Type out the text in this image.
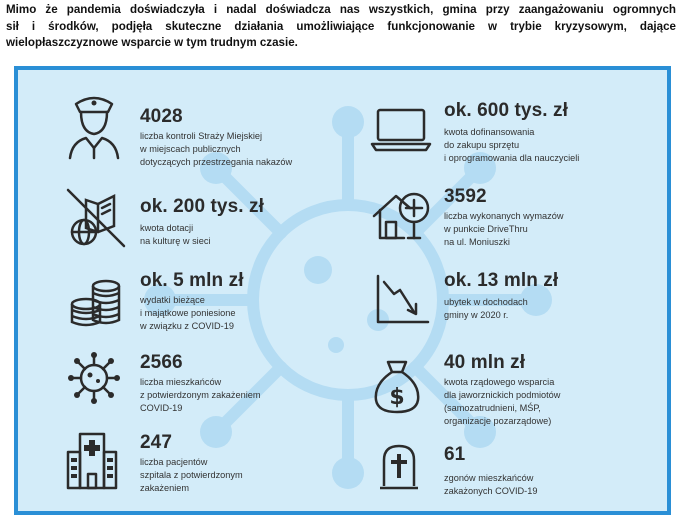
Mimo że pandemia doświadczyła i nadal doświadcza nas wszystkich, gmina przy zaangażowaniu ogromnych
sił i środków, podjęła skuteczne działania umożliwiające funkcjonowanie w trybie kryzysowym, dające
wielopłaszczyznowe wsparcie w tym trudnym czasie.
4028
liczba kontroli Straży Miejskiej
w miejscach publicznych
dotyczących przestrzegania nakazów
ok. 200 tys. zł
kwota dotacji
na kulturę w sieci
ok. 5 mln zł
wydatki bieżące
i majątkowe poniesione
w związku z COVID-19
2566
liczba mieszkańców
z potwierdzonym zakażeniem
COVID-19
247
liczba pacjentów
szpitala z potwierdzonym
zakażeniem
ok. 600 tys. zł
kwota dofinansowania
do zakupu sprzętu
i oprogramowania dla nauczycieli
3592
liczba wykonanych wymazów
w punkcie DriveThru
na ul. Moniuszki
ok. 13 mln zł
ubytek w dochodach
gminy w 2020 r.
$
40 mln zł
kwota rządowego wsparcia
dla jaworznickich podmiotów
(samozatrudnieni, MŚP,
organizacje pozarządowe)
61
zgonów mieszkańców
zakażonych COVID-19
